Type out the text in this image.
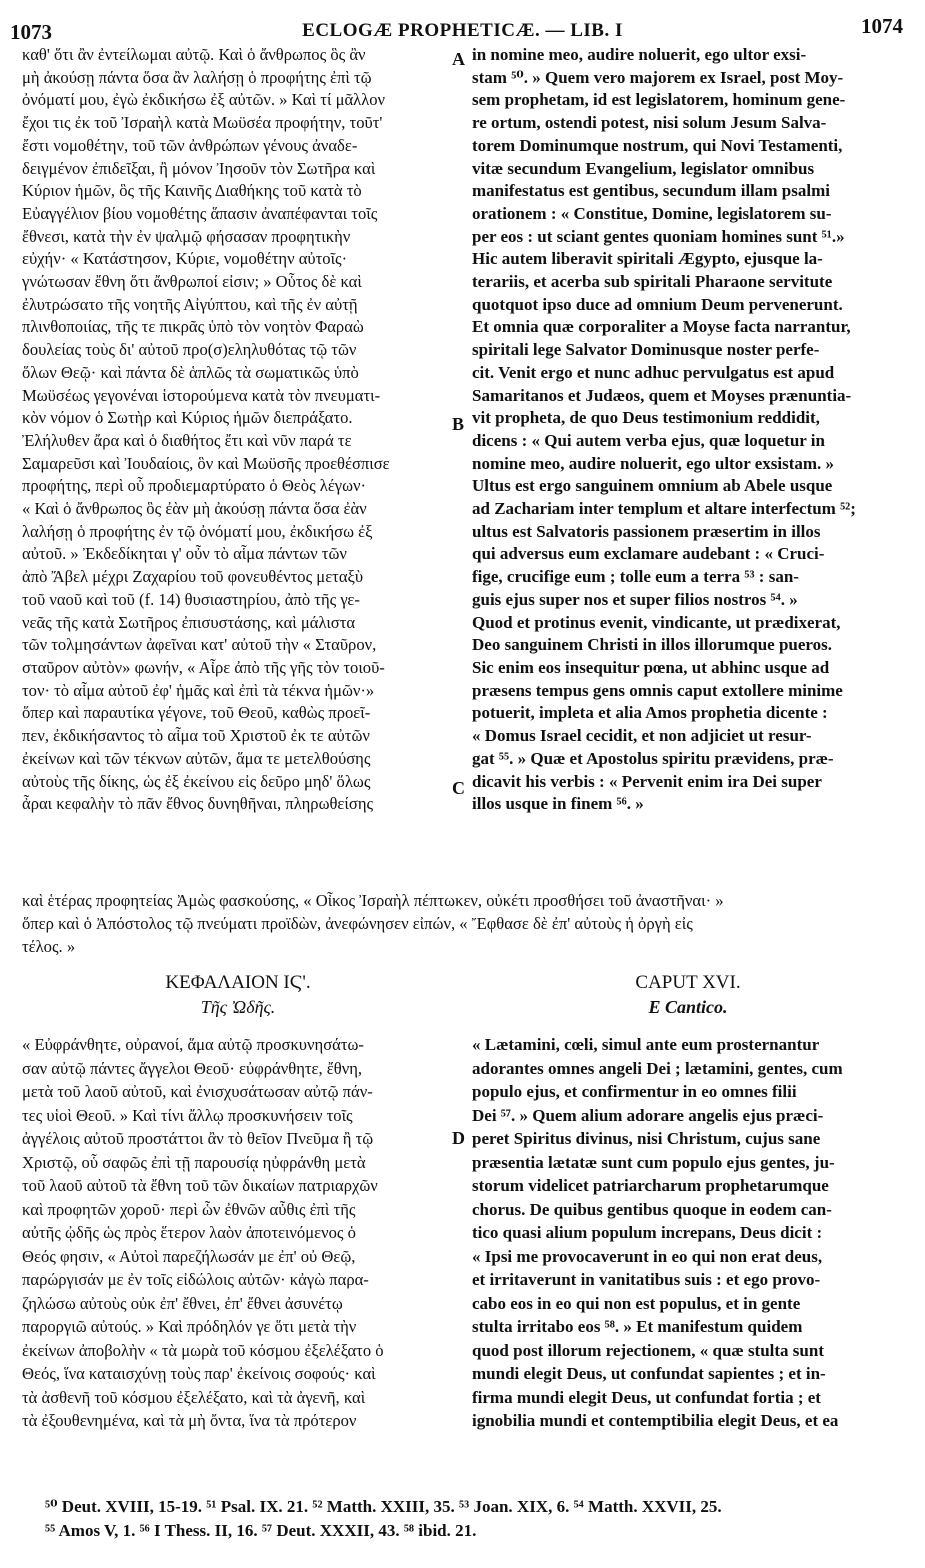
1073	ECLOGÆ PROPHETICÆ. — LIB. I	1074
καθ' ὅτι ἂν ἐντείλωμαι αὐτῷ. Καὶ ὁ ἄνθρωπος ὃς ἂν
μὴ ἀκούσῃ πάντα ὅσα ἂν λαλήσῃ ὁ προφήτης ἐπὶ τῷ
ὀνόματί μου, ἐγὼ ἐκδικήσω ἐξ αὐτῶν. » Καὶ τί μᾶλλον
ἔχοι τις ἐκ τοῦ Ἰσραὴλ κατὰ Μωϋσέα προφήτην, τοῦτ'
ἔστι νομοθέτην, τοῦ τῶν ἀνθρώπων γένους ἀναδε-
δειγμένον ἐπιδεῖξαι, ἢ μόνον Ἰησοῦν τὸν Σωτῆρα καὶ
Κύριον ἡμῶν, ὃς τῆς Καινῆς Διαθήκης τοῦ κατὰ τὸ
Εὐαγγέλιον βίου νομοθέτης ἅπασιν ἀναπέφανται τοῖς
ἔθνεσι, κατὰ τὴν ἐν ψαλμῷ φήσασαν προφητικὴν
εὐχήν· « Κατάστησον, Κύριε, νομοθέτην αὐτοῖς·
γνώτωσαν ἔθνη ὅτι ἄνθρωποί εἰσιν; » Οὗτος δὲ καὶ
ἐλυτρώσατο τῆς νοητῆς Αἰγύπτου, καὶ τῆς ἐν αὐτῇ
πλινθοποιίας, τῆς τε πικρᾶς ὑπὸ τὸν νοητὸν Φαραὼ
δουλείας τοὺς δι' αὐτοῦ προ(σ)εληλυθότας τῷ τῶν
ὅλων Θεῷ· καὶ πάντα δὲ ἁπλῶς τὰ σωματικῶς ὑπὸ
Μωϋσέως γεγονέναι ἱστορούμενα κατὰ τὸν πνευματι-
κὸν νόμον ὁ Σωτὴρ καὶ Κύριος ἡμῶν διεπράξατο.
Ἐλήλυθεν ἄρα καὶ ὁ διαθήτος ἔτι καὶ νῦν παρά τε
Σαμαρεῦσι καὶ Ἰουδαίοις, ὃν καὶ Μωϋσῆς προεθέσπισε
προφήτης, περὶ οὗ προδιεμαρτύρατο ὁ Θεὸς λέγων·
« Καὶ ὁ ἄνθρωπος ὃς ἐὰν μὴ ἀκούσῃ πάντα ὅσα ἐὰν
λαλήσῃ ὁ προφήτης ἐν τῷ ὀνόματί μου, ἐκδικήσω ἐξ
αὐτοῦ. » Ἐκδεδίκηται γ' οὖν τὸ αἷμα πάντων τῶν
ἀπὸ Ἄβελ μέχρι Ζαχαρίου τοῦ φονευθέντος μεταξὺ
τοῦ ναοῦ καὶ τοῦ (f. 14) θυσιαστηρίου, ἀπὸ τῆς γε-
νεᾶς τῆς κατὰ Σωτῆρος ἐπισυστάσης, καὶ μάλιστα
τῶν τολμησάντων ἀφεῖναι κατ' αὐτοῦ τὴν « Σταῦρον,
σταῦρον αὐτὸν» φωνήν, « Αἶρε ἀπὸ τῆς γῆς τὸν τοιοῦ-
τον· τὸ αἷμα αὐτοῦ ἐφ' ἡμᾶς καὶ ἐπὶ τὰ τέκνα ἡμῶν·»
ὅπερ καὶ παραυτίκα γέγονε, τοῦ Θεοῦ, καθὼς προεῖ-
πεν, ἐκδικήσαντος τὸ αἷμα τοῦ Χριστοῦ ἐκ τε αὐτῶν
ἐκείνων καὶ τῶν τέκνων αὐτῶν, ἅμα τε μετελθούσης
αὐτοὺς τῆς δίκης, ὡς ἐξ ἐκείνου εἰς δεῦρο μηδ' ὅλως
ἆραι κεφαλὴν τὸ πᾶν ἔθνος δυνηθῆναι, πληρωθείσης
in nomine meo, audire noluerit, ego ultor exsi-
stam ⁵⁰. » Quem vero majorem ex Israel, post Moy-
sem prophetam, id est legislatorem, hominum gene-
re ortum, ostendi potest, nisi solum Jesum Salva-
torem Dominumque nostrum, qui Novi Testamenti,
vitæ secundum Evangelium, legislator omnibus
manifestatus est gentibus, secundum illam psalmi
orationem : « Constitue, Domine, legislatorem su-
per eos : ut sciant gentes quoniam homines sunt ⁵¹.»
Hic autem liberavit spiritali Ægypto, ejusque la-
terariis, et acerba sub spiritali Pharaone servitute
quotquot ipso duce ad omnium Deum pervenerunt.
Et omnia quæ corporaliter a Moyse facta narrantur,
spiritali lege Salvator Dominusque noster perfe-
cit. Venit ergo et nunc adhuc pervulgatus est apud
Samaritanos et Judæos, quem et Moyses prænuntia-
vit propheta, de quo Deus testimonium reddidit,
dicens : « Qui autem verba ejus, quæ loquetur in
nomine meo, audire noluerit, ego ultor exsistam. »
Ultus est ergo sanguinem omnium ab Abele usque
ad Zachariam inter templum et altare interfectum ⁵²;
ultus est Salvatoris passionem præsertim in illos
qui adversus eum exclamare audebant : « Cruci-
fige, crucifige eum ; tolle eum a terra ⁵³ : san-
guis ejus super nos et super filios nostros ⁵⁴. »
Quod et protinus evenit, vindicante, ut prædixerat,
Deo sanguinem Christi in illos illorumque pueros.
Sic enim eos insequitur pœna, ut abhinc usque ad
præsens tempus gens omnis caput extollere minime
potuerit, impleta et alia Amos prophetia dicente :
« Domus Israel cecidit, et non adjiciet ut resur-
gat ⁵⁵. » Quæ et Apostolus spiritu prævidens, præ-
dicavit his verbis : « Pervenit enim ira Dei super
illos usque in finem ⁵⁶. »
A
B
C
D
καὶ ἑτέρας προφητείας Ἀμὼς φασκούσης, « Οἶκος Ἰσραὴλ πέπτωκεν, οὐκέτι προσθήσει τοῦ ἀναστῆναι· »
ὅπερ καὶ ὁ Ἀπόστολος τῷ πνεύματι προϊδὼν, ἀνεφώνησεν εἰπών, « Ἔφθασε δὲ ἐπ' αὐτοὺς ἡ ὀργὴ εἰς
τέλος. »
ΚΕΦΑΛΑΙΟΝ ΙϚ'.
Τῆς Ὠδῆς.
CAPUT XVI.
E Cantico.
« Εὐφράνθητε, οὐρανοί, ἅμα αὐτῷ προσκυνησάτω-
σαν αὐτῷ πάντες ἄγγελοι Θεοῦ· εὐφράνθητε, ἔθνη,
μετὰ τοῦ λαοῦ αὐτοῦ, καὶ ἐνισχυσάτωσαν αὐτῷ πάν-
τες υἱοὶ Θεοῦ. » Καὶ τίνι ἄλλῳ προσκυνήσειν τοῖς
ἀγγέλοις αὐτοῦ προστάττοι ἂν τὸ θεῖον Πνεῦμα ἢ τῷ
Χριστῷ, οὗ σαφῶς ἐπὶ τῇ παρουσίᾳ ηὐφράνθη μετὰ
τοῦ λαοῦ αὐτοῦ τὰ ἔθνη τοῦ τῶν δικαίων πατριαρχῶν
καὶ προφητῶν χοροῦ· περὶ ὧν ἐθνῶν αὖθις ἐπὶ τῆς
αὐτῆς ᾠδῆς ὡς πρὸς ἕτερον λαὸν ἀποτεινόμενος ὁ
Θεός φησιν, « Αὐτοὶ παρεζήλωσάν με ἐπ' οὐ Θεῷ,
παρώργισάν με ἐν τοῖς εἰδώλοις αὐτῶν· κἀγὼ παρα-
ζηλώσω αὐτοὺς οὐκ ἐπ' ἔθνει, ἐπ' ἔθνει ἀσυνέτῳ
παροργιῶ αὐτούς. » Καὶ πρόδηλόν γε ὅτι μετὰ τὴν
ἐκείνων ἀποβολὴν « τὰ μωρὰ τοῦ κόσμου ἐξελέξατο ὁ
Θεός, ἵνα καταισχύνῃ τοὺς παρ' ἐκείνοις σοφούς· καὶ
τὰ ἀσθενῆ τοῦ κόσμου ἐξελέξατο, καὶ τὰ ἀγενῆ, καὶ
τὰ ἐξουθενημένα, καὶ τὰ μὴ ὄντα, ἵνα τὰ πρότερον
« Lætamini, cœli, simul ante eum prosternantur
adorantes omnes angeli Dei ; lætamini, gentes, cum
populo ejus, et confirmentur in eo omnes filii
Dei ⁵⁷. » Quem alium adorare angelis ejus præci-
peret Spiritus divinus, nisi Christum, cujus sane
præsentia lætatæ sunt cum populo ejus gentes, ju-
storum videlicet patriarcharum prophetarumque
chorus. De quibus gentibus quoque in eodem can-
tico quasi alium populum increpans, Deus dicit :
« Ipsi me provocaverunt in eo qui non erat deus,
et irritaverunt in vanitatibus suis : et ego provo-
cabo eos in eo qui non est populus, et in gente
stulta irritabo eos ⁵⁸. » Et manifestum quidem
quod post illorum rejectionem, « quæ stulta sunt
mundi elegit Deus, ut confundat sapientes ; et in-
firma mundi elegit Deus, ut confundat fortia ; et
ignobilia mundi et contemptibilia elegit Deus, et ea
⁵⁰ Deut. XVIII, 15-19. ⁵¹ Psal. IX. 21. ⁵² Matth. XXIII, 35. ⁵³ Joan. XIX, 6. ⁵⁴ Matth. XXVII, 25.
⁵⁵ Amos V, 1. ⁵⁶ I Thess. II, 16. ⁵⁷ Deut. XXXII, 43. ⁵⁸ ibid. 21.
